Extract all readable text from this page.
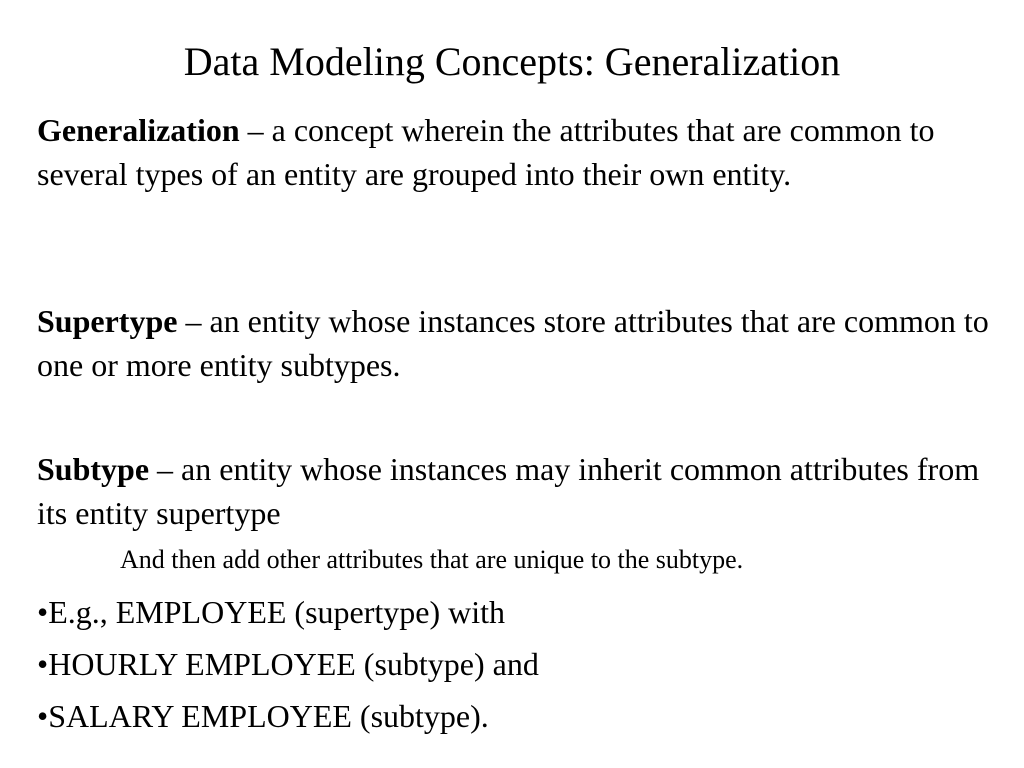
Data Modeling Concepts: Generalization
Generalization – a concept wherein the attributes that are common to several types of an entity are grouped into their own entity.
Supertype – an entity whose instances store attributes that are common to one or more entity subtypes.
Subtype – an entity whose instances may inherit common attributes from its entity supertype
And then add other attributes that are unique to the subtype.
•E.g., EMPLOYEE (supertype) with
•HOURLY EMPLOYEE (subtype) and
•SALARY EMPLOYEE (subtype).
